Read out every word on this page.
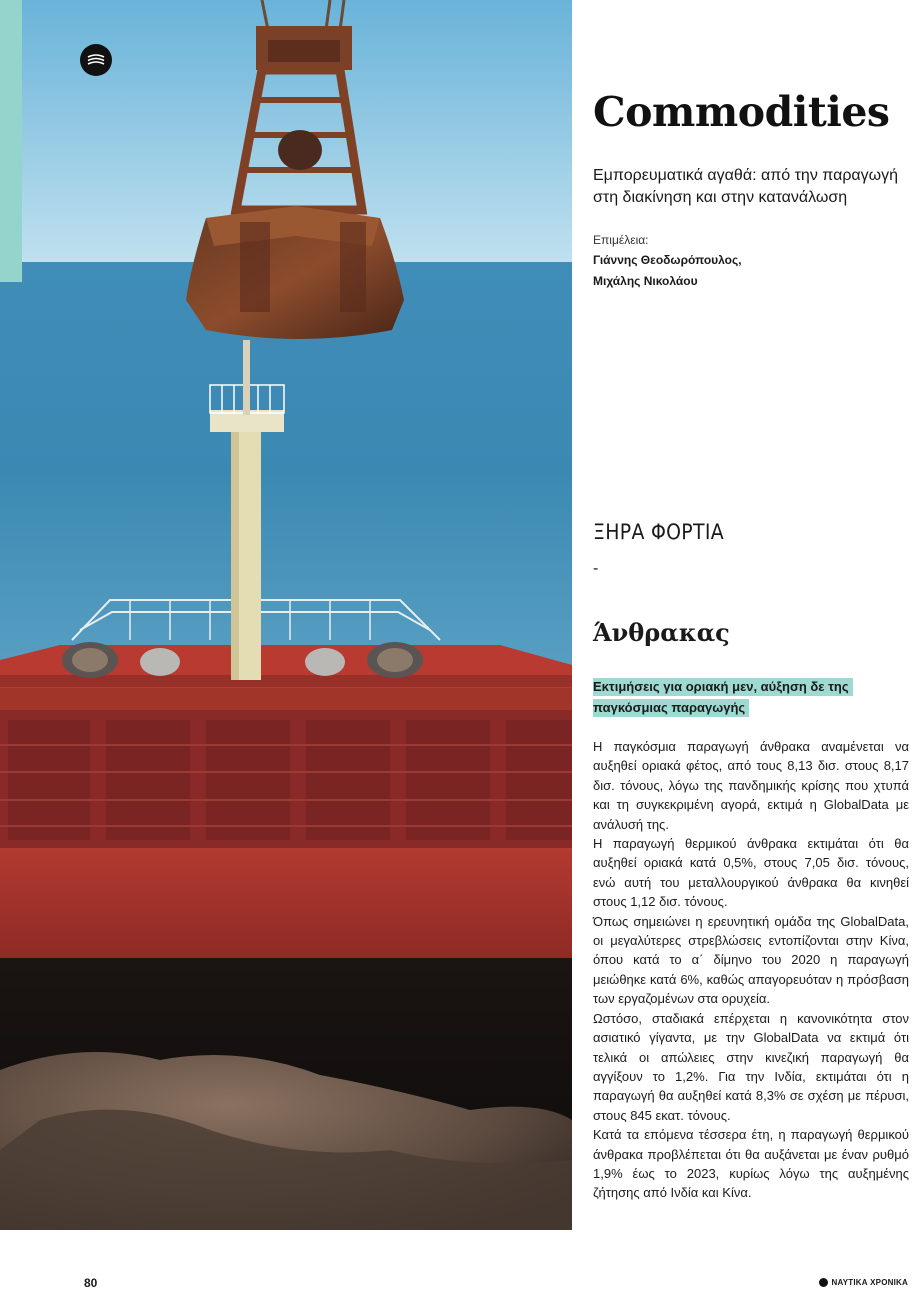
Commodities
Εμπορευματικά αγαθά: από την παραγωγή στη διακίνηση και στην κατανάλωση
Επιμέλεια:
Γιάννης Θεοδωρόπουλος,
Μιχάλης Νικολάου
ΞΗΡΑ ΦΟΡΤΙΑ
-
Άνθρακας
Εκτιμήσεις για οριακή μεν, αύξηση δε της παγκόσμιας παραγωγής

Η παγκόσμια παραγωγή άνθρακα αναμένεται να αυξηθεί οριακά φέτος, από τους 8,13 δισ. στους 8,17 δισ. τόνους, λόγω της πανδημικής κρίσης που χτυπά και τη συγκεκριμένη αγορά, εκτιμά η GlobalData με ανάλυσή της.

Η παραγωγή θερμικού άνθρακα εκτιμάται ότι θα αυξηθεί οριακά κατά 0,5%, στους 7,05 δισ. τόνους, ενώ αυτή του μεταλλουργικού άνθρακα θα κινηθεί στους 1,12 δισ. τόνους.

Όπως σημειώνει η ερευνητική ομάδα της GlobalData, οι μεγαλύτερες στρεβλώσεις εντοπίζονται στην Κίνα, όπου κατά το α΄ δίμηνο του 2020 η παραγωγή μειώθηκε κατά 6%, καθώς απαγορευόταν η πρόσβαση των εργαζομένων στα ορυχεία.

Ωστόσο, σταδιακά επέρχεται η κανονικότητα στον ασιατικό γίγαντα, με την GlobalData να εκτιμά ότι τελικά οι απώλειες στην κινεζική παραγωγή θα αγγίξουν το 1,2%. Για την Ινδία, εκτιμάται ότι η παραγωγή θα αυξηθεί κατά 8,3% σε σχέση με πέρυσι, στους 845 εκατ. τόνους.

Κατά τα επόμενα τέσσερα έτη, η παραγωγή θερμικού άνθρακα προβλέπεται ότι θα αυξάνεται με έναν ρυθμό 1,9% έως το 2023, κυρίως λόγω της αυξημένης ζήτησης από Ινδία και Κίνα.

80	ΝΑΥΤΙΚΑ ΧΡΟΝΙΚΑ
